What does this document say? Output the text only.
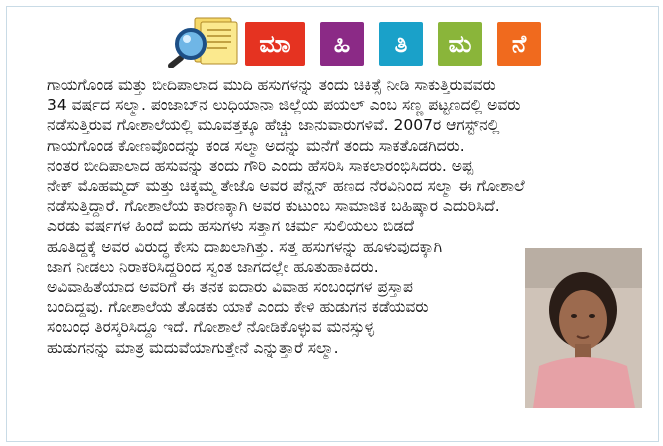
ಮಾ	ಹಿ	ತಿ	ಮ	ನೆ
ಗಾಯಗೊಂಡ ಮತ್ತು ಬೀದಿಪಾಲಾದ ಮುದಿ ಹಸುಗಳನ್ನು ತಂದು ಚಿಕಿತ್ಸೆ ನೀಡಿ ಸಾಕುತ್ತಿರುವವರು
34 ವರ್ಷದ ಸಲ್ಮಾ. ಪಂಜಾಬ್‌ನ ಲುಧಿಯಾನಾ ಜಿಲ್ಲೆಯ ಪಯಲ್ ಎಂಬ ಸಣ್ಣ ಪಟ್ಟಣದಲ್ಲಿ ಅವರು
ನಡೆಸುತ್ತಿರುವ ಗೋಶಾಲೆಯಲ್ಲಿ ಮೂವತ್ತಕ್ಕೂ ಹೆಚ್ಚು ಜಾನುವಾರುಗಳಿವೆ. 2007ರ ಆಗಸ್ಟ್‌ನಲ್ಲಿ
ಗಾಯಗೊಂಡ ಕೋಣವೊಂದನ್ನು ಕಂಡ ಸಲ್ಮಾ ಅದನ್ನು ಮನೆಗೆ ತಂದು ಸಾಕತೊಡಗಿದರು.
ನಂತರ ಬೀದಿಪಾಲಾದ ಹಸುವನ್ನು ತಂದು ಗೌರಿ ಎಂದು ಹೆಸರಿಸಿ ಸಾಕಲಾರಂಭಿಸಿದರು. ಅಪ್ಪ
ನೇಕ್ ಮೊಹಮ್ಮದ್ ಮತ್ತು ಚಿಕ್ಕಮ್ಮ ತೇಜೊ ಅವರ ಪೆನ್ಷನ್ ಹಣದ ನೆರವಿನಿಂದ ಸಲ್ಮಾ ಈ ಗೋಶಾಲೆ
ನಡೆಸುತ್ತಿದ್ದಾರೆ. ಗೋಶಾಲೆಯ ಕಾರಣಕ್ಕಾಗಿ ಅವರ ಕುಟುಂಬ ಸಾಮಾಜಿಕ ಬಹಿಷ್ಕಾರ ಎದುರಿಸಿದೆ.
ಎರಡು ವರ್ಷಗಳ ಹಿಂದೆ ಐದು ಹಸುಗಳು ಸತ್ತಾಗ ಚರ್ಮ ಸುಲಿಯಲು ಬಿಡದೆ
ಹೂತಿದ್ದಕ್ಕೆ ಅವರ ವಿರುದ್ಧ ಕೇಸು ದಾಖಲಾಗಿತ್ತು. ಸತ್ತ ಹಸುಗಳನ್ನು ಹೂಳುವುದಕ್ಕಾಗಿ
ಜಾಗ ನೀಡಲು ನಿರಾಕರಿಸಿದ್ದರಿಂದ ಸ್ವಂತ ಜಾಗದಲ್ಲೇ ಹೂತುಹಾಕಿದರು.
ಅವಿವಾಹಿತೆಯಾದ ಅವರಿಗೆ ಈ ತನಕ ಐದಾರು ವಿವಾಹ ಸಂಬಂಧಗಳ ಪ್ರಸ್ತಾಪ
ಬಂದಿದ್ದವು. ಗೋಶಾಲೆಯ ತೊಡಕು ಯಾಕೆ ಎಂದು ಕೇಳಿ ಹುಡುಗನ ಕಡೆಯವರು
ಸಂಬಂಧ ತಿರಸ್ಕರಿಸಿದ್ದೂ ಇದೆ. ಗೋಶಾಲೆ ನೋಡಿಕೊಳ್ಳುವ ಮನಸ್ಸುಳ್ಳ
ಹುಡುಗನನ್ನು ಮಾತ್ರ ಮದುವೆಯಾಗುತ್ತೇನೆ ಎನ್ನುತ್ತಾರೆ ಸಲ್ಮಾ.
